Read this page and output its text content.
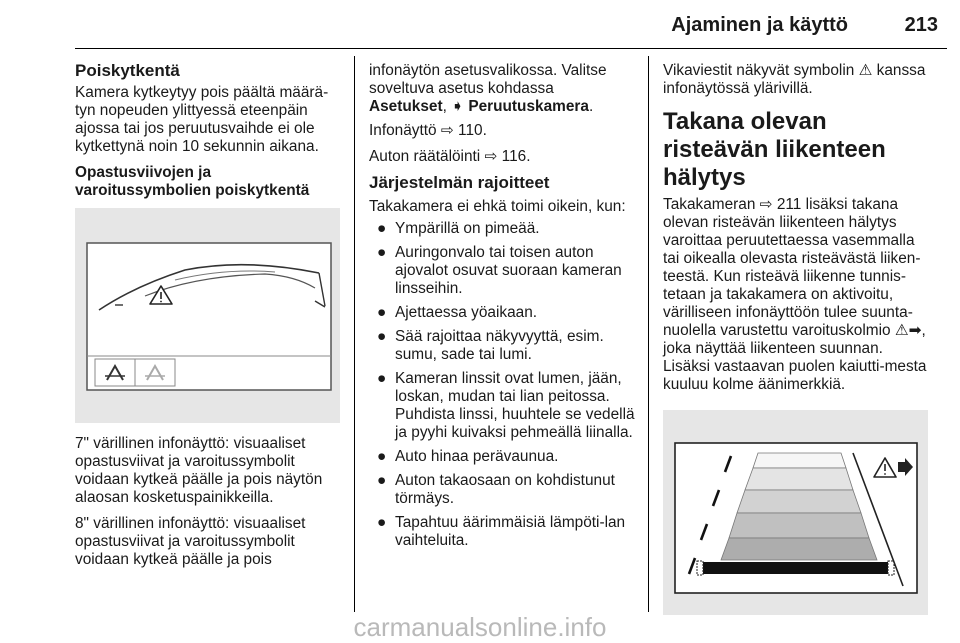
Ajaminen ja käyttö	213
Poiskytkentä

Kamera kytkeytyy pois päältä määrä-tyn nopeuden ylittyessä eteenpäin ajossa tai jos peruutusvaihde ei ole kytkettynä noin 10 sekunnin aikana.

Opastusviivojen ja varoitussymbolien poiskytkentä

7" värillinen infonäyttö: visuaaliset opastusviivat ja varoitussymbolit voidaan kytkeä päälle ja pois näytön alaosan kosketuspainikkeilla.

8" värillinen infonäyttö: visuaaliset opastusviivat ja varoitussymbolit voidaan kytkeä päälle ja pois

infonäytön asetusvalikossa. Valitse soveltuva asetus kohdassa
Asetukset, ➧ Peruutuskamera.

Infonäyttö ⇨ 110.

Auton räätälöinti ⇨ 116.

Järjestelmän rajoitteet

Takakamera ei ehkä toimi oikein, kun:

● Ympärillä on pimeää.
● Auringonvalo tai toisen auton ajovalot osuvat suoraan kameran linsseihin.
● Ajettaessa yöaikaan.
● Sää rajoittaa näkyvyyttä, esim. sumu, sade tai lumi.
● Kameran linssit ovat lumen, jään, loskan, mudan tai lian peitossa. Puhdista linssi, huuhtele se vedellä ja pyyhi kuivaksi pehmeällä liinalla.
● Auto hinaa perävaunua.
● Auton takaosaan on kohdistunut törmäys.
● Tapahtuu äärimmäisiä lämpöti-lan vaihteluita.

Vikaviestit näkyvät symbolin ⚠ kanssa infonäytössä ylärivillä.

Takana olevan risteävän liikenteen hälytys

Takakameran ⇨ 211 lisäksi takana olevan risteävän liikenteen hälytys varoittaa peruutettaessa vasemmalla tai oikealla olevasta risteävästä liiken-teestä. Kun risteävä liikenne tunnis-tetaan ja takakamera on aktivoitu, värilliseen infonäyttöön tulee suunta-nuolella varustettu varoituskolmio ⚠➡, joka näyttää liikenteen suunnan. Lisäksi vastaavan puolen kaiutti-mesta kuuluu kolme äänimerkkiä.

carmanualsonline.info
